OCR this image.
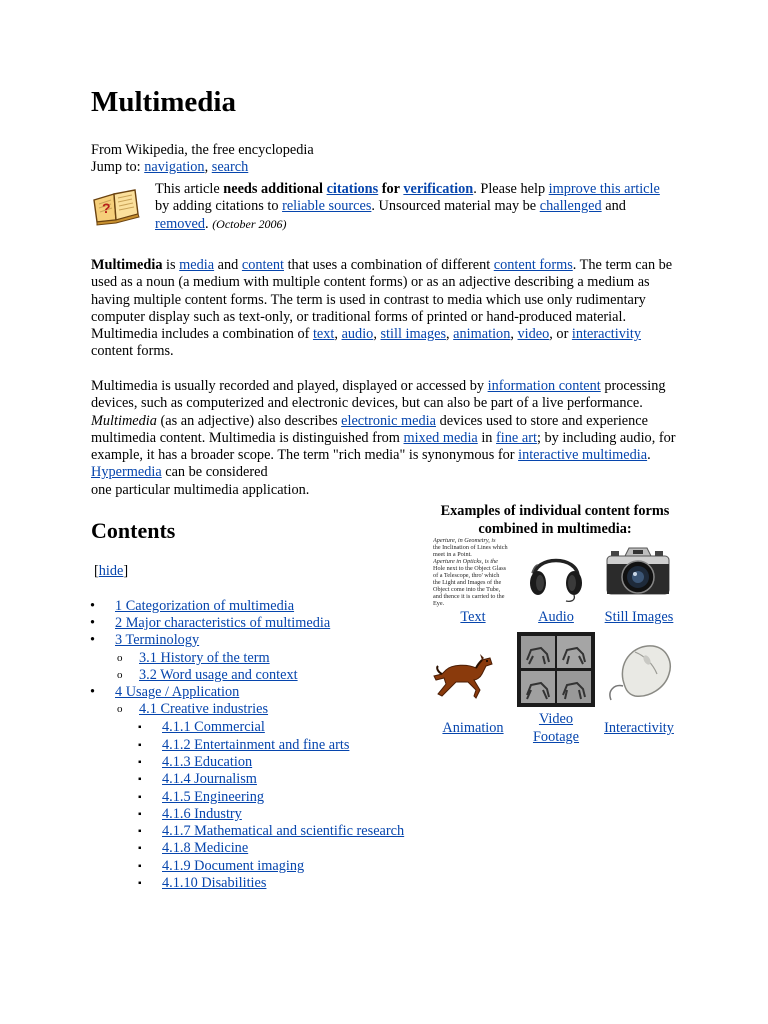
Multimedia
From Wikipedia, the free encyclopedia
Jump to: navigation, search
?
This article needs additional citations for verification. Please help improve this article by adding citations to reliable sources. Unsourced material may be challenged and removed. (October 2006)

Multimedia is media and content that uses a combination of different content forms. The term can be used as a noun (a medium with multiple content forms) or as an adjective describing a medium as having multiple content forms. The term is used in contrast to media which use only rudimentary computer display such as text-only, or traditional forms of printed or hand-produced material. Multimedia includes a combination of text, audio, still images, animation, video, or interactivity content forms.

Multimedia is usually recorded and played, displayed or accessed by information content processing devices, such as computerized and electronic devices, but can also be part of a live performance. Multimedia (as an adjective) also describes electronic media devices used to store and experience multimedia content. Multimedia is distinguished from mixed media in fine art; by including audio, for example, it has a broader scope. The term "rich media" is synonymous for interactive multimedia. Hypermedia can be considered
one particular multimedia application.

Contents
[hide]
• 1 Categorization of multimedia
• 2 Major characteristics of multimedia
• 3 Terminology
o 3.1 History of the term
o 3.2 Word usage and context
• 4 Usage / Application
o 4.1 Creative industries
▪ 4.1.1 Commercial
▪ 4.1.2 Entertainment and fine arts
▪ 4.1.3 Education
▪ 4.1.4 Journalism
▪ 4.1.5 Engineering
▪ 4.1.6 Industry
▪ 4.1.7 Mathematical and scientific research
▪ 4.1.8 Medicine
▪ 4.1.9 Document imaging
▪ 4.1.10 Disabilities
Examples of individual content forms combined in multimedia:
Aperture, in Geometry, is
the Inclination of Lines which
meet in a Point.
Aperture in Opticks, is the
Hole next to the Object Glass
of a Telescope, thro' which
the Light and Images of the
Object come into the Tube,
and thence it is carried to the
Eye.
Text	Audio	Still Images
Animation
Video
Footage
Interactivity
